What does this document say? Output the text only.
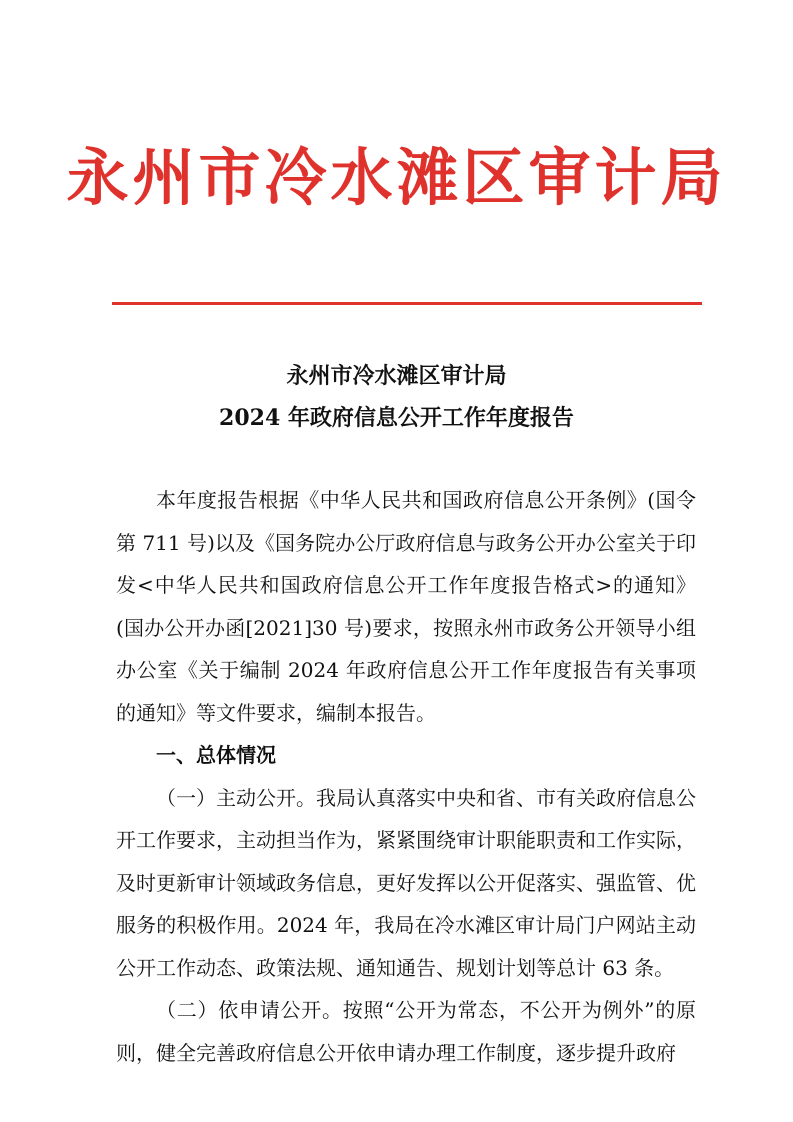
永州市冷水滩区审计局
永州市冷水滩区审计局
2024 年政府信息公开工作年度报告

本年度报告根据《中华人民共和国政府信息公开条例》(国令第 711 号)以及《国务院办公厅政府信息与政务公开办公室关于印发<中华人民共和国政府信息公开工作年度报告格式>的通知》(国办公开办函[2021]30 号)要求，按照永州市政务公开领导小组办公室《关于编制 2024 年政府信息公开工作年度报告有关事项的通知》等文件要求，编制本报告。

一、总体情况

（一）主动公开。我局认真落实中央和省、市有关政府信息公开工作要求，主动担当作为，紧紧围绕审计职能职责和工作实际，及时更新审计领域政务信息，更好发挥以公开促落实、强监管、优服务的积极作用。2024 年，我局在冷水滩区审计局门户网站主动公开工作动态、政策法规、通知通告、规划计划等总计 63 条。

（二）依申请公开。按照“公开为常态，不公开为例外”的原则，健全完善政府信息公开依申请办理工作制度，逐步提升政府
